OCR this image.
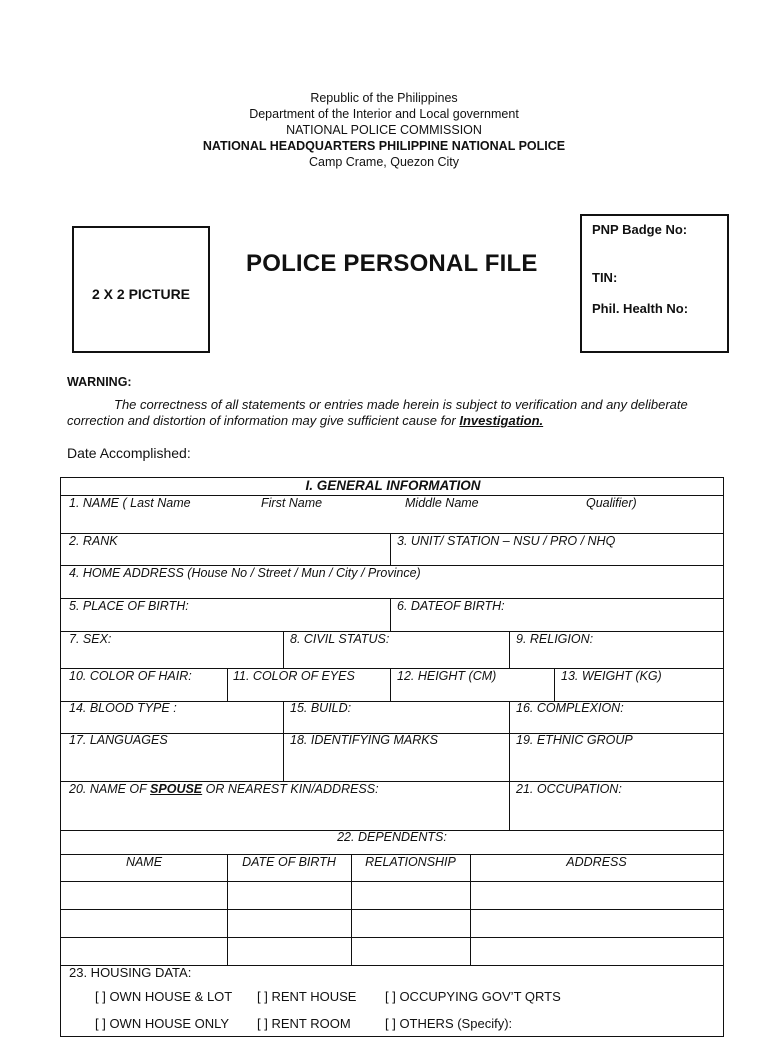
Republic of the Philippines
Department of the Interior and Local government
NATIONAL POLICE COMMISSION
NATIONAL HEADQUARTERS PHILIPPINE NATIONAL POLICE
Camp Crame, Quezon City
2 X 2 PICTURE
POLICE PERSONAL FILE
PNP Badge No:
TIN:
Phil. Health No:
WARNING:
The correctness of all statements or entries made herein is subject to verification and any deliberate correction and distortion of information may give sufficient cause for Investigation.
Date Accomplished:
I. GENERAL INFORMATION
1. NAME ( Last Name	First Name	Middle Name	Qualifier)
2. RANK	3. UNIT/ STATION – NSU / PRO / NHQ
4. HOME ADDRESS (House No / Street / Mun / City / Province)
5. PLACE OF BIRTH:	6. DATEOF BIRTH:
7. SEX:	8. CIVIL STATUS:	9. RELIGION:
10. COLOR OF HAIR:	11. COLOR OF EYES	12. HEIGHT (CM)	13. WEIGHT (KG)
14. BLOOD TYPE :	15. BUILD:	16. COMPLEXION:
17. LANGUAGES	18. IDENTIFYING MARKS	19. ETHNIC GROUP
20. NAME OF SPOUSE OR NEAREST KIN/ADDRESS:	21. OCCUPATION:
22. DEPENDENTS:
NAME	DATE OF BIRTH	RELATIONSHIP	ADDRESS
23. HOUSING DATA:
[ ] OWN HOUSE & LOT [ ] RENT HOUSE [ ] OCCUPYING GOV’T QRTS
[ ] OWN HOUSE ONLY [ ] RENT ROOM	[ ] OTHERS (Specify):
